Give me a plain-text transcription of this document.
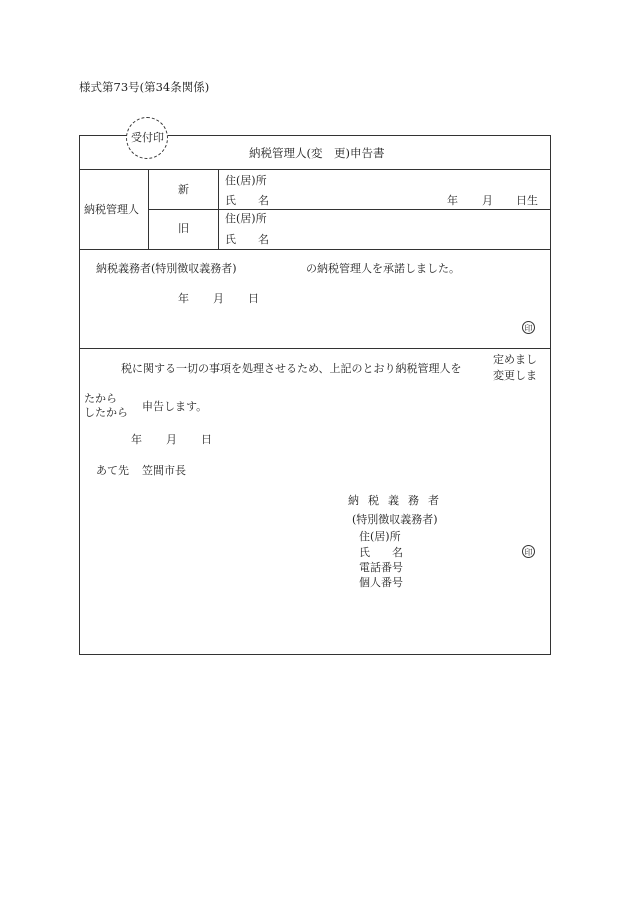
様式第73号(第34条関係)
受付印
納税管理人(変　更)申告書
納税管理人
新
旧
住(居)所
氏　　名	年 月 日生
住(居)所
氏　　名
納税義務者(特別徴収義務者)	の納税管理人を承諾しました。
年 月 日
印
税に関する一切の事項を処理させるため、上記のとおり納税管理人を
定めまし
変更しま
たから
したから 申告します。
年 月 日
あて先 笠間市長
納税義務者
(特別徴収義務者)
住(居)所
氏　　名
電話番号
個人番号
印
